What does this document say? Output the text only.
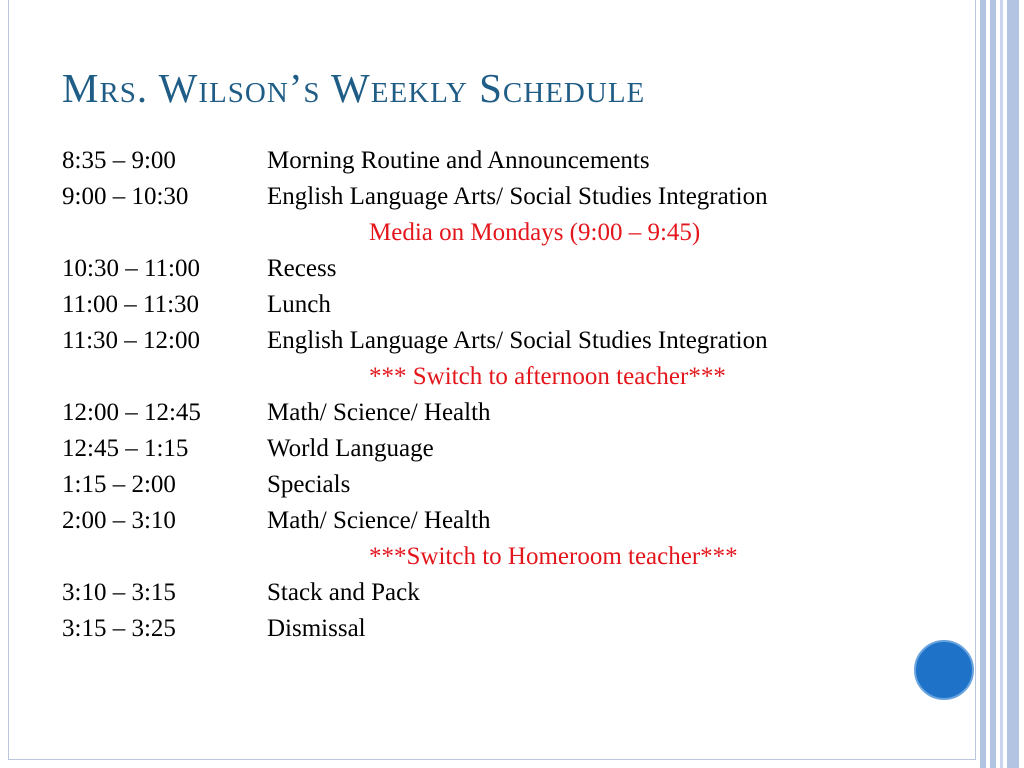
Mrs. Wilson’s Weekly Schedule
8:35 – 9:00	Morning Routine and Announcements
9:00 – 10:30	English Language Arts/ Social Studies Integration
Media on Mondays (9:00 – 9:45)
10:30 – 11:00	Recess
11:00 – 11:30	Lunch
11:30 – 12:00	English Language Arts/ Social Studies Integration
*** Switch to afternoon teacher***
12:00 – 12:45	Math/ Science/ Health
12:45 – 1:15	World Language
1:15 – 2:00	Specials
2:00 – 3:10	Math/ Science/ Health
***Switch to Homeroom teacher***
3:10 – 3:15	Stack and Pack
3:15 – 3:25	Dismissal
